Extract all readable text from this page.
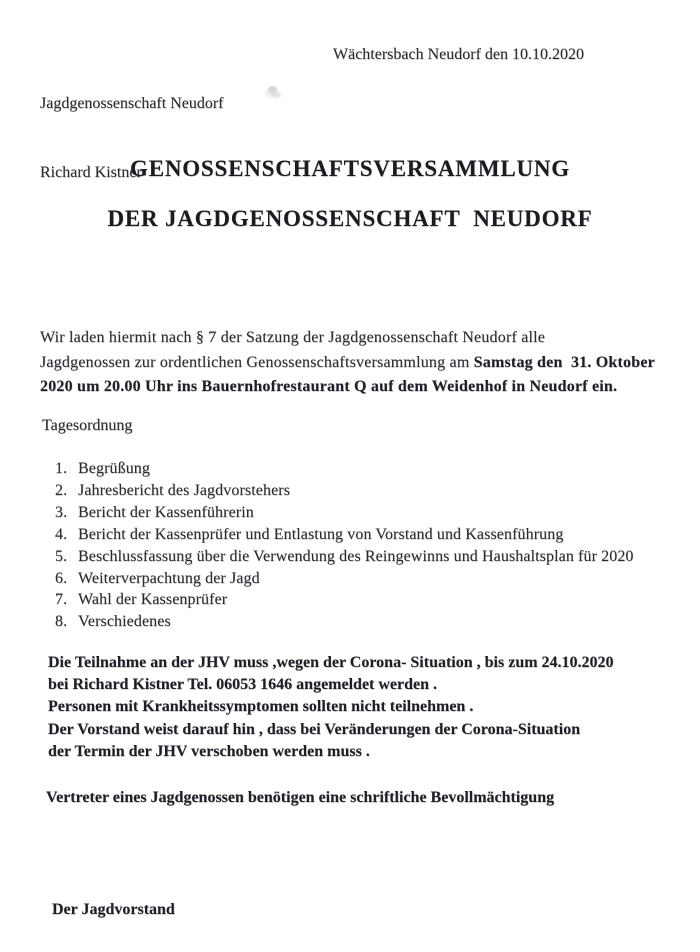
Jagdgenossenschaft Neudorf

Richard Kistner

Wächtersbach Neudorf den 10.10.2020
GENOSSENSCHAFTSVERSAMMLUNG
DER JAGDGENOSSENSCHAFT  NEUDORF
Wir laden hiermit nach § 7 der Satzung der Jagdgenossenschaft Neudorf alle
Jagdgenossen zur ordentlichen Genossenschaftsversammlung am Samstag den  31. Oktober
2020 um 20.00 Uhr ins Bauernhofrestaurant Q auf dem Weidenhof in Neudorf ein.
Tagesordnung
1. Begrüßung
2. Jahresbericht des Jagdvorstehers
3. Bericht der Kassenführerin
4. Bericht der Kassenprüfer und Entlastung von Vorstand und Kassenführung
5. Beschlussfassung über die Verwendung des Reingewinns und Haushaltsplan für 2020
6. Weiterverpachtung der Jagd
7. Wahl der Kassenprüfer
8. Verschiedenes
Die Teilnahme an der JHV muss ,wegen der Corona- Situation , bis zum 24.10.2020
bei Richard Kistner Tel. 06053 1646 angemeldet werden .
Personen mit Krankheitssymptomen sollten nicht teilnehmen .
Der Vorstand weist darauf hin , dass bei Veränderungen der Corona-Situation
der Termin der JHV verschoben werden muss .
Vertreter eines Jagdgenossen benötigen eine schriftliche Bevollmächtigung
Der Jagdvorstand
